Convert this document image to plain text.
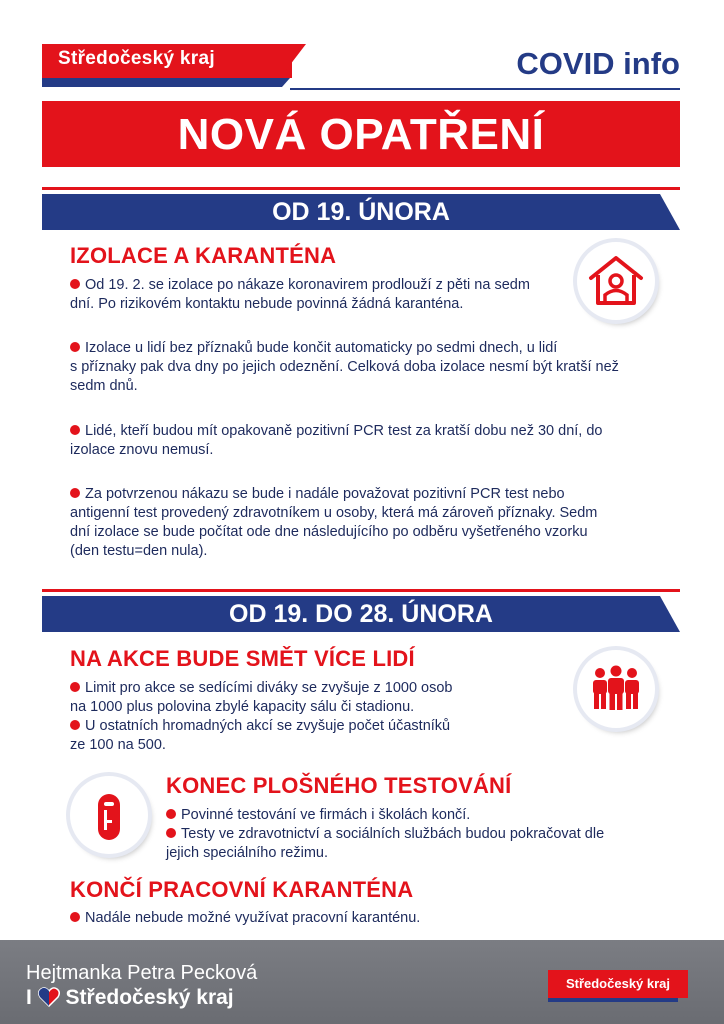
Středočeský kraj	COVID info
NOVÁ OPATŘENÍ
OD 19. ÚNORA
IZOLACE A KARANTÉNA
Od 19. 2. se izolace po nákaze koronavirem prodlouží z pěti na sedm
dní. Po rizikovém kontaktu nebude povinná žádná karanténa.
Izolace u lidí bez příznaků bude končit automaticky po sedmi dnech, u lidí
s příznaky pak dva dny po jejich odeznění. Celková doba izolace nesmí být kratší než
sedm dnů.
Lidé, kteří budou mít opakovaně pozitivní PCR test za kratší dobu než 30 dní, do
izolace znovu nemusí.
Za potvrzenou nákazu se bude i nadále považovat pozitivní PCR test nebo
antigenní test provedený zdravotníkem u osoby, která má zároveň příznaky. Sedm
dní izolace se bude počítat ode dne následujícího po odběru vyšetřeného vzorku
(den testu=den nula).
OD 19. DO 28. ÚNORA
NA AKCE BUDE SMĚT VÍCE LIDÍ
Limit pro akce se sedícími diváky se zvyšuje z 1000 osob
na 1000 plus polovina zbylé kapacity sálu či stadionu.
U ostatních hromadných akcí se zvyšuje počet účastníků
ze 100 na 500.
KONEC PLOŠNÉHO TESTOVÁNÍ
Povinné testování ve firmách i školách končí.
Testy ve zdravotnictví a sociálních službách budou pokračovat dle
jejich speciálního režimu.
KONČÍ PRACOVNÍ KARANTÉNA
Nadále nebude možné využívat pracovní karanténu.
Hejtmanka Petra Pecková
I Středočeský kraj
Středočeský kraj
